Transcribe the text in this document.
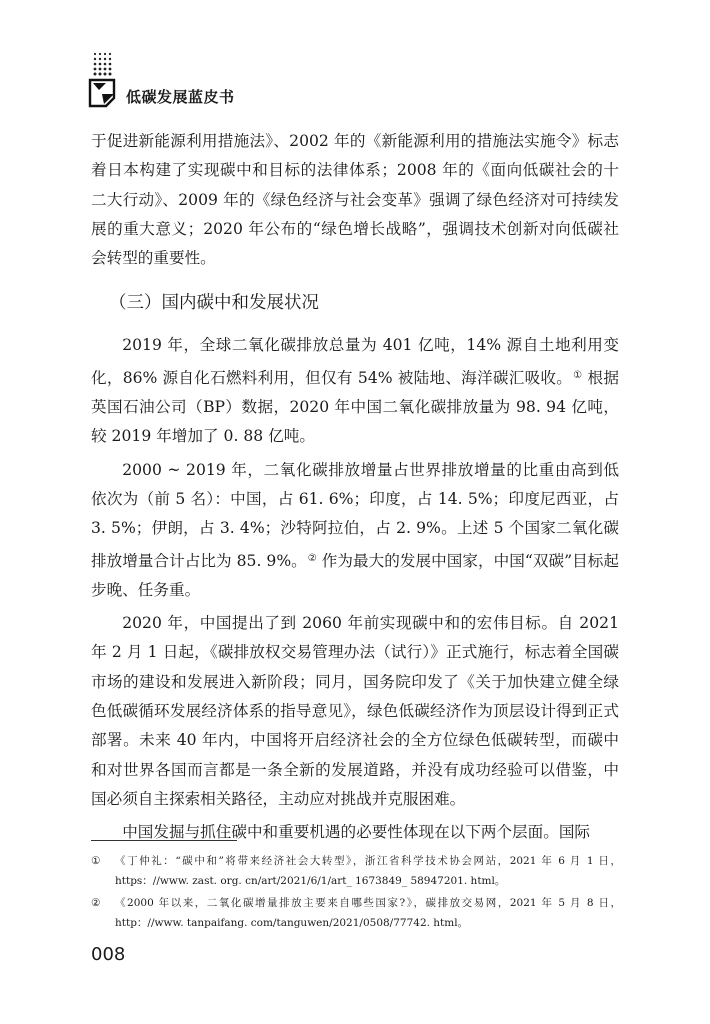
低碳发展蓝皮书

于促进新能源利用措施法》、2002 年的《新能源利用的措施法实施令》标志着日本构建了实现碳中和目标的法律体系；2008 年的《面向低碳社会的十二大行动》、2009 年的《绿色经济与社会变革》强调了绿色经济对可持续发展的重大意义；2020 年公布的“绿色增长战略”，强调技术创新对向低碳社会转型的重要性。

（三）国内碳中和发展状况

2019 年，全球二氧化碳排放总量为 401 亿吨，14% 源自土地利用变化，86% 源自化石燃料利用，但仅有 54% 被陆地、海洋碳汇吸收。① 根据英国石油公司（BP）数据，2020 年中国二氧化碳排放量为 98. 94 亿吨，较 2019 年增加了 0. 88 亿吨。

2000 ~ 2019 年，二氧化碳排放增量占世界排放增量的比重由高到低依次为（前 5 名）：中国，占 61. 6%；印度，占 14. 5%；印度尼西亚，占 3. 5%；伊朗，占 3. 4%；沙特阿拉伯，占 2. 9%。上述 5 个国家二氧化碳排放增量合计占比为 85. 9%。② 作为最大的发展中国家，中国“双碳”目标起步晚、任务重。

2020 年，中国提出了到 2060 年前实现碳中和的宏伟目标。自 2021 年 2 月 1 日起，《碳排放权交易管理办法（试行）》正式施行，标志着全国碳市场的建设和发展进入新阶段；同月，国务院印发了《关于加快建立健全绿色低碳循环发展经济体系的指导意见》，绿色低碳经济作为顶层设计得到正式部署。未来 40 年内，中国将开启经济社会的全方位绿色低碳转型，而碳中和对世界各国而言都是一条全新的发展道路，并没有成功经验可以借鉴，中国必须自主探索相关路径，主动应对挑战并克服困难。

中国发掘与抓住碳中和重要机遇的必要性体现在以下两个层面。国际

① 《丁仲礼：“碳中和”将带来经济社会大转型》，浙江省科学技术协会网站，2021 年 6 月 1 日，https：//www. zast. org. cn/art/2021/6/1/art_ 1673849_ 58947201. html。
② 《2000 年以来，二氧化碳增量排放主要来自哪些国家?》，碳排放交易网，2021 年 5 月 8 日，http：//www. tanpaifang. com/tanguwen/2021/0508/77742. html。
008
